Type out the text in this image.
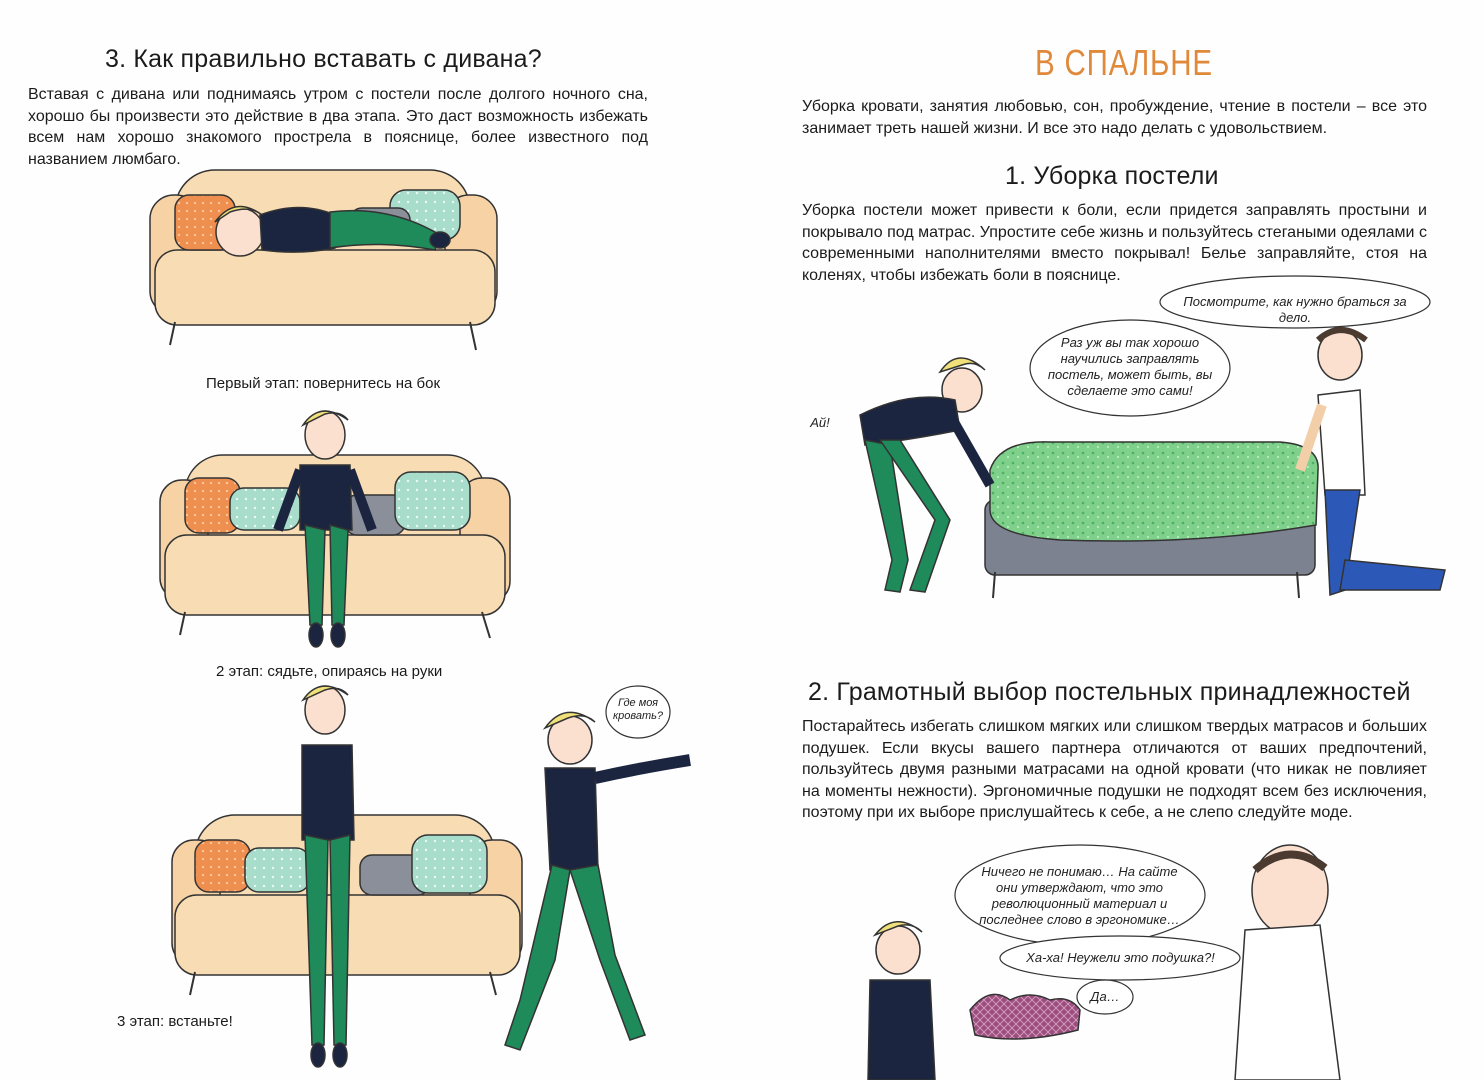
3. Как правильно вставать с дивана?
Вставая с дивана или поднимаясь утром с постели после долгого ночного сна, хорошо бы произвести это действие в два этапа. Это даст возможность избежать всем нам хорошо знакомого прострела в пояснице, более известного под названием люмбаго.
Первый этап: повернитесь на бок
2 этап: сядьте, опираясь на руки
3 этап: встаньте!
Где моя кровать?
В СПАЛЬНЕ
Уборка кровати, занятия любовью, сон, пробуждение, чтение в постели – все это занимает треть нашей жизни. И все это надо делать с удовольствием.
1. Уборка постели
Уборка постели может привести к боли, если придется заправлять простыни и покрывало под матрас. Упростите себе жизнь и пользуйтесь стегаными одеялами с современными наполнителями вместо покрывал! Белье заправляйте, стоя на коленях, чтобы избежать боли в пояснице.
Посмотрите, как нужно браться за дело.
Раз уж вы так хорошо научились заправлять постель, может быть, вы сделаете это сами!
Ай!
2. Грамотный выбор постельных принадлежностей
Постарайтесь избегать слишком мягких или слишком твердых матрасов и больших подушек. Если вкусы вашего партнера отличаются от ваших предпочтений, пользуйтесь двумя разными матрасами на одной кровати (что никак не повлияет на моменты нежности). Эргономичные подушки не подходят всем без исключения, поэтому при их выборе прислушайтесь к себе, а не слепо следуйте моде.
Ничего не понимаю… На сайте они утверждают, что это революционный материал и последнее слово в эргономике…
Ха-ха! Неужели это подушка?!
Да…
